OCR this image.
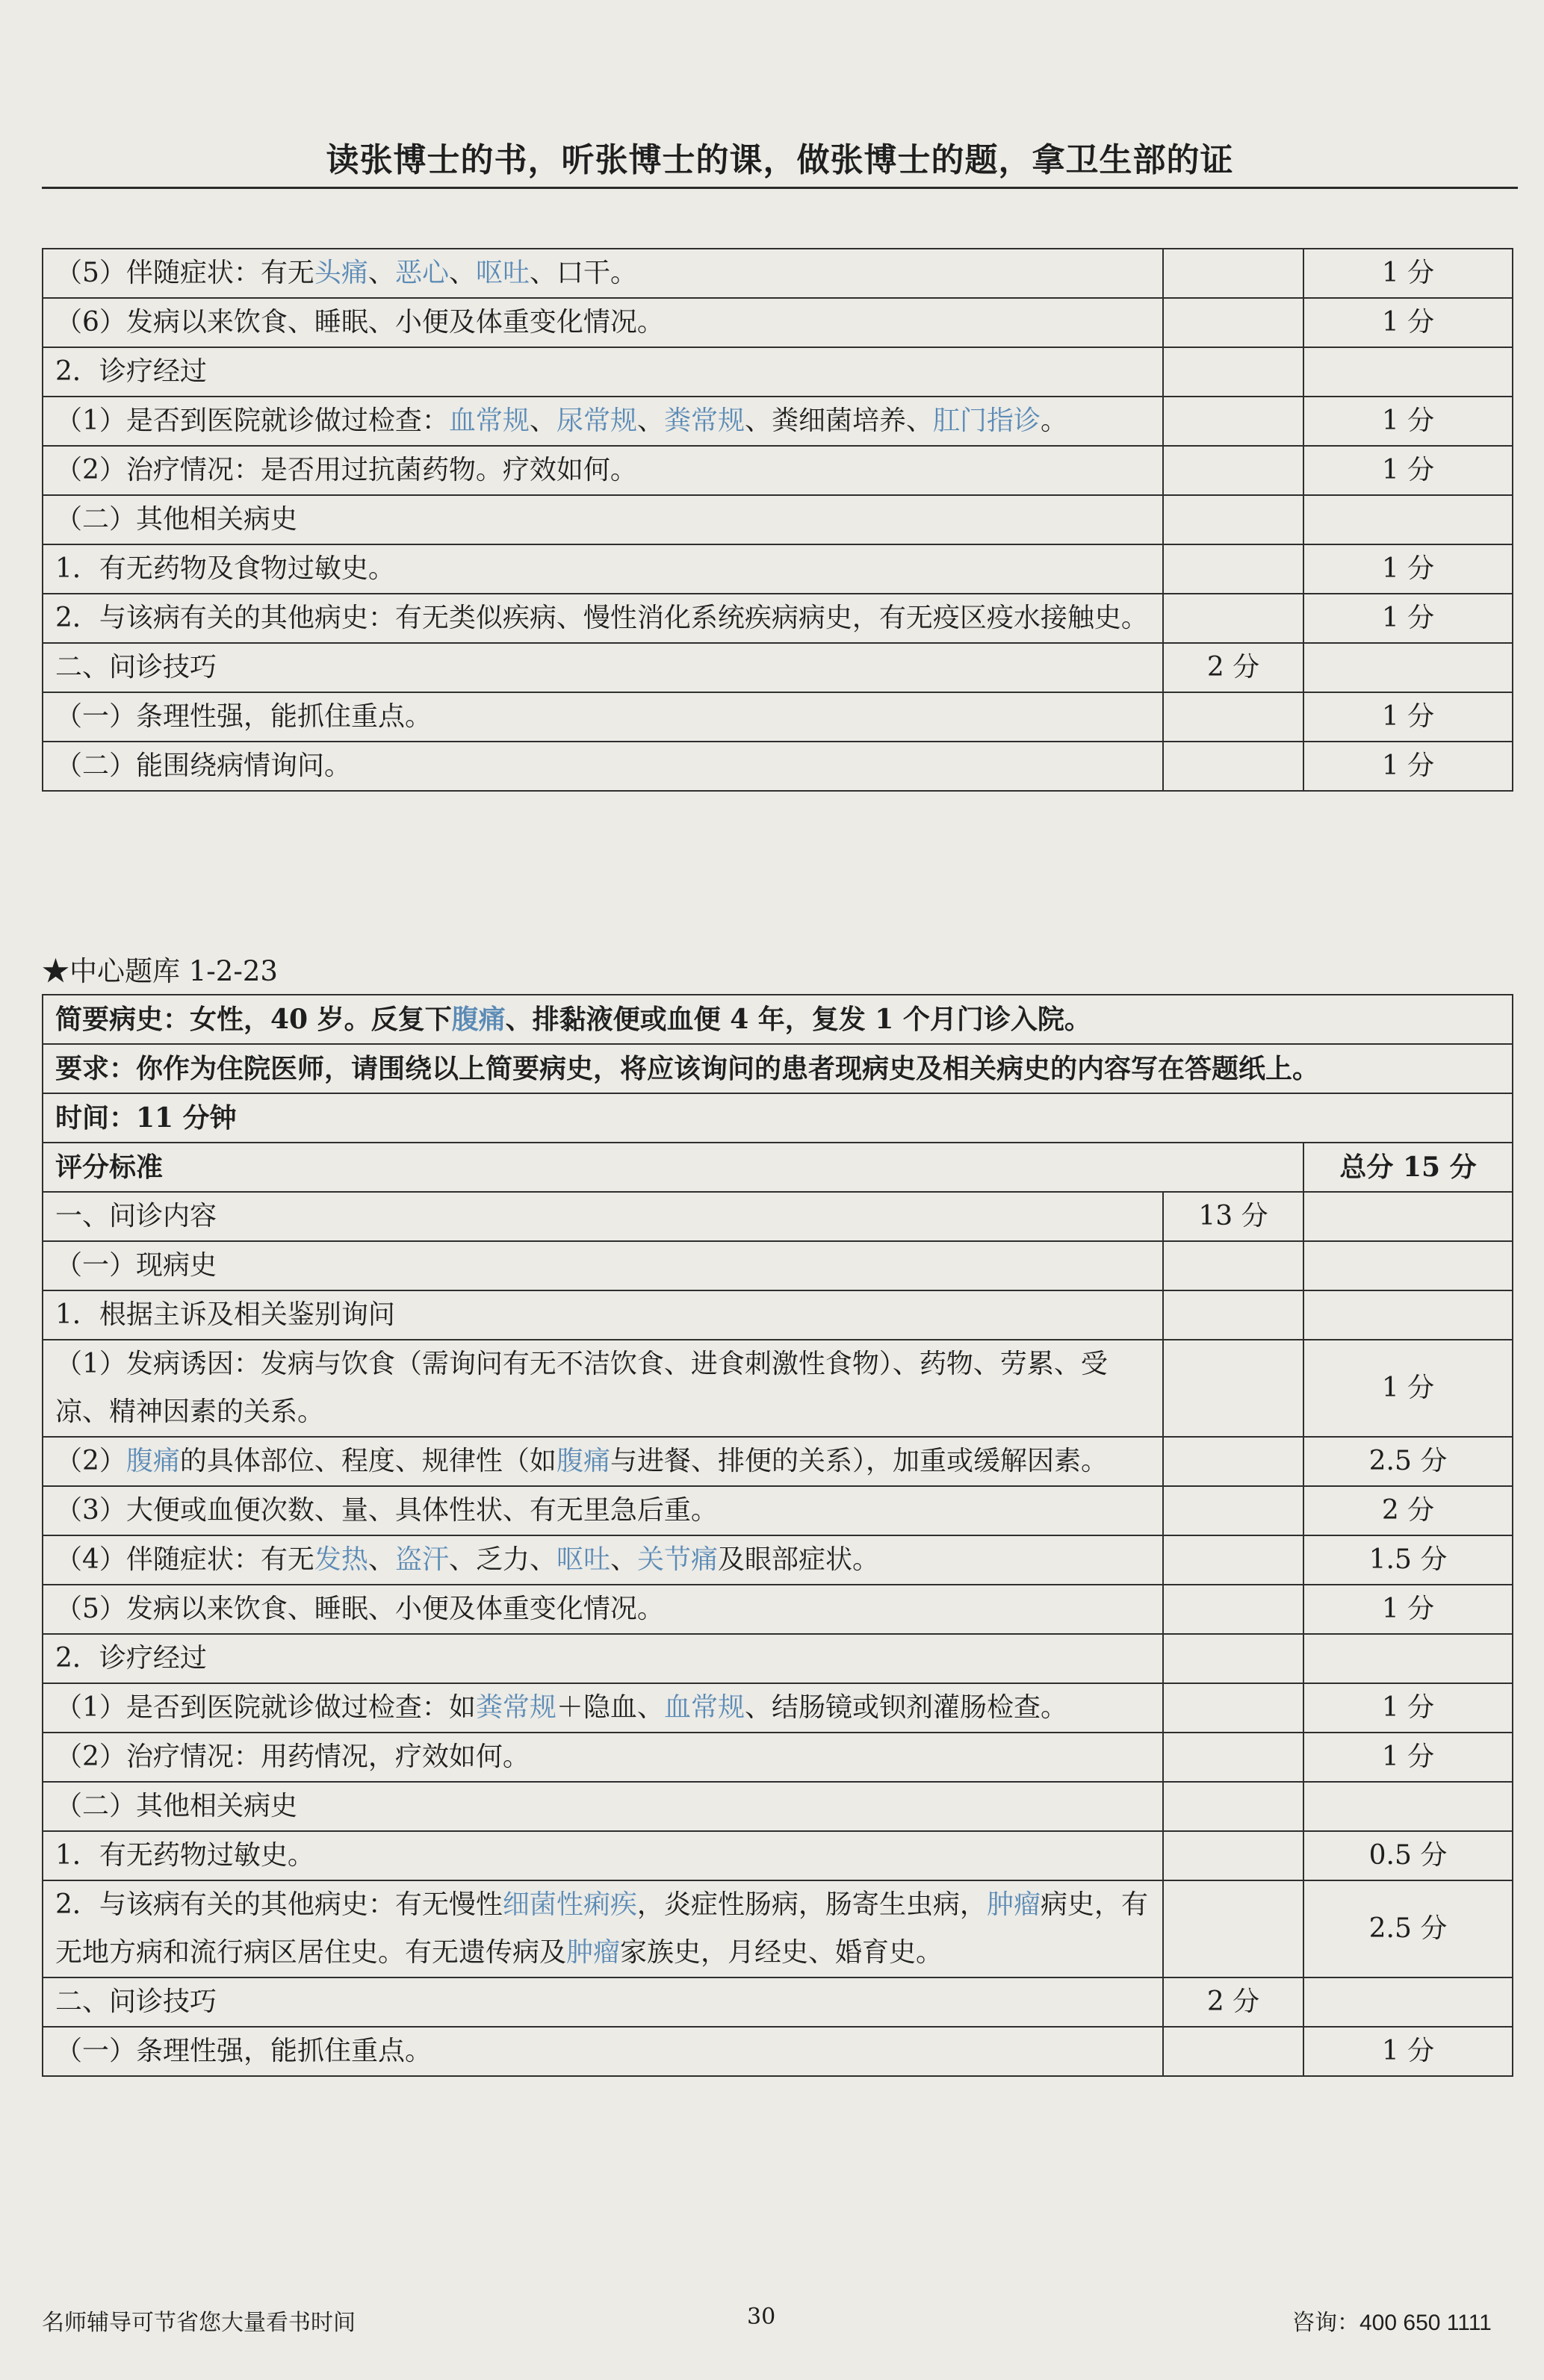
读张博士的书，听张博士的课，做张博士的题，拿卫生部的证
（5）伴随症状：有无头痛、恶心、呕吐、口干。		1 分
（6）发病以来饮食、睡眠、小便及体重变化情况。		1 分
2．诊疗经过		
（1）是否到医院就诊做过检查：血常规、尿常规、粪常规、粪细菌培养、肛门指诊。		1 分
（2）治疗情况：是否用过抗菌药物。疗效如何。		1 分
（二）其他相关病史		
1．有无药物及食物过敏史。		1 分
2．与该病有关的其他病史：有无类似疾病、慢性消化系统疾病病史，有无疫区疫水接触史。		1 分
二、问诊技巧	2 分	
（一）条理性强，能抓住重点。		1 分
（二）能围绕病情询问。		1 分
★中心题库 1-2-23
简要病史：女性，40 岁。反复下腹痛、排黏液便或血便 4 年，复发 1 个月门诊入院。		
要求：你作为住院医师，请围绕以上简要病史，将应该询问的患者现病史及相关病史的内容写在答题纸上。		
时间：11 分钟		
评分标准		总分 15 分
一、问诊内容	13 分	
（一）现病史		
1．根据主诉及相关鉴别询问		
（1）发病诱因：发病与饮食（需询问有无不洁饮食、进食刺激性食物）、药物、劳累、受凉、精神因素的关系。		1 分
（2）腹痛的具体部位、程度、规律性（如腹痛与进餐、排便的关系），加重或缓解因素。		2.5 分
（3）大便或血便次数、量、具体性状、有无里急后重。		2 分
（4）伴随症状：有无发热、盗汗、乏力、呕吐、关节痛及眼部症状。		1.5 分
（5）发病以来饮食、睡眠、小便及体重变化情况。		1 分
2．诊疗经过		
（1）是否到医院就诊做过检查：如粪常规＋隐血、血常规、结肠镜或钡剂灌肠检查。		1 分
（2）治疗情况：用药情况，疗效如何。		1 分
（二）其他相关病史		
1．有无药物过敏史。		0.5 分
2．与该病有关的其他病史：有无慢性细菌性痢疾，炎症性肠病，肠寄生虫病，肿瘤病史，有无地方病和流行病区居住史。有无遗传病及肿瘤家族史，月经史、婚育史。		2.5 分
二、问诊技巧	2 分	
（一）条理性强，能抓住重点。		1 分
名师辅导可节省您大量看书时间	30	咨询：400 650 1111
